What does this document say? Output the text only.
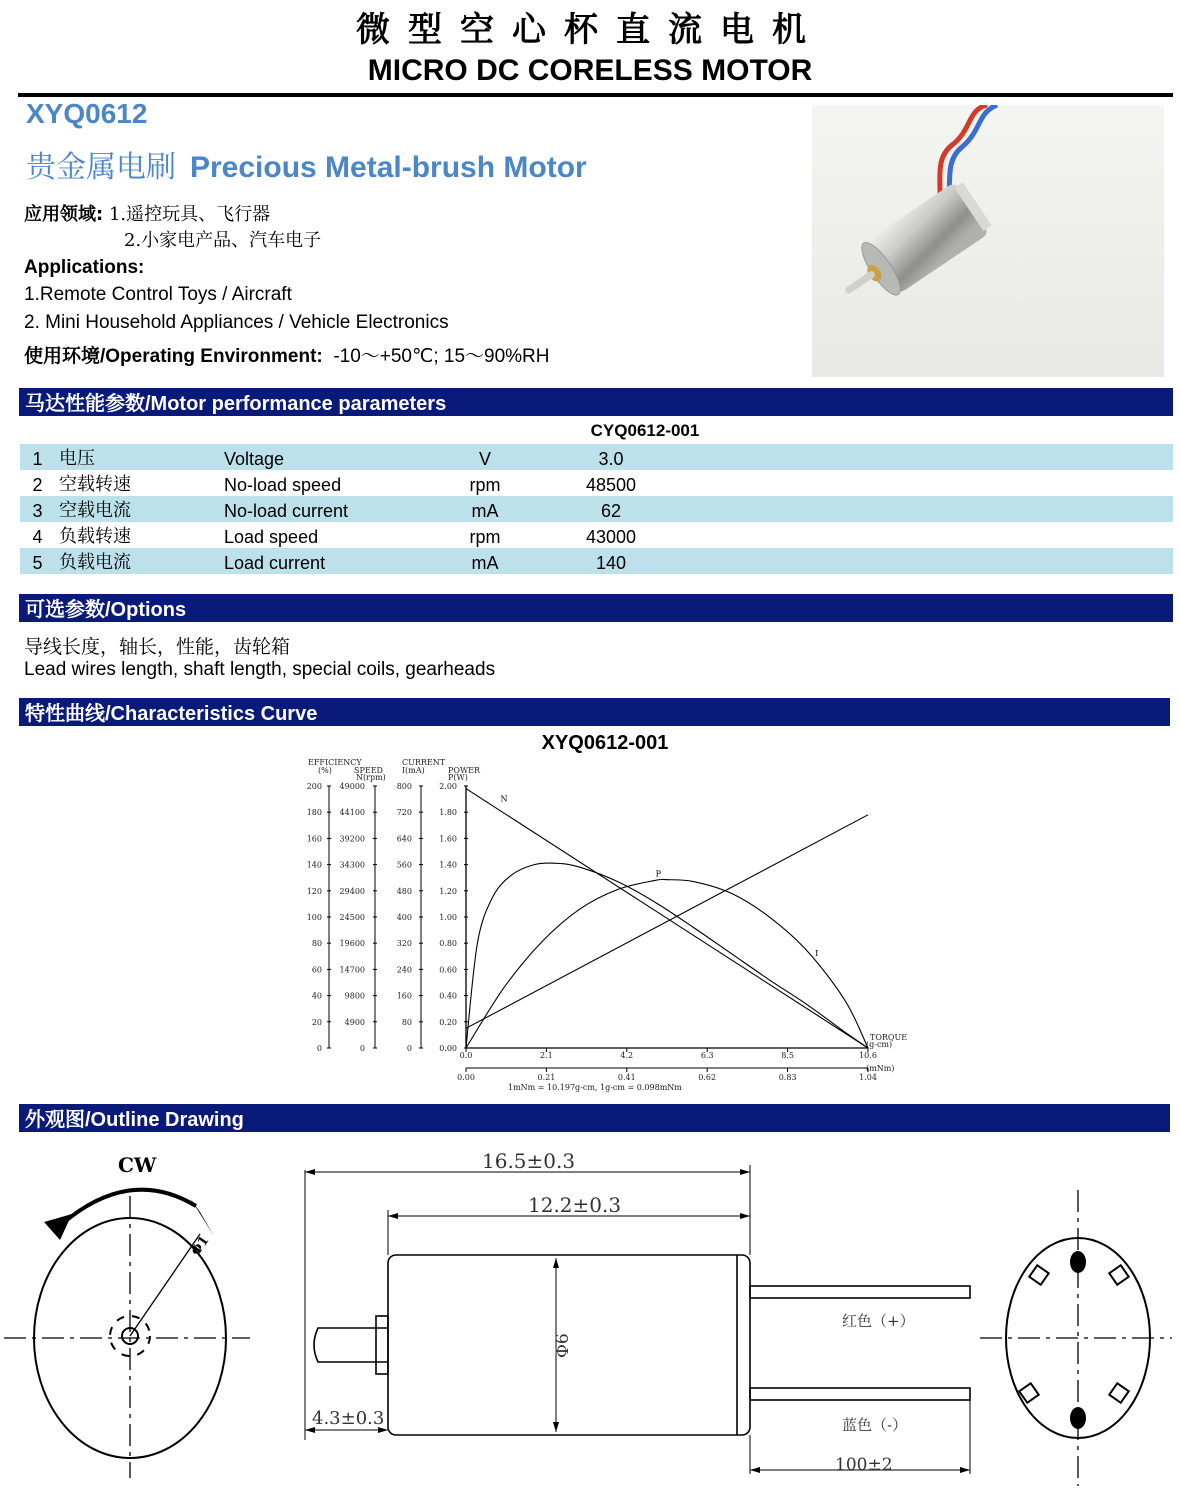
微型空心杯直流电机
MICRO DC CORELESS MOTOR
XYQ0612
贵金属电刷 Precious Metal-brush Motor
应用领域: 1.遥控玩具、飞行器
2.小家电产品、汽车电子
Applications:
1.Remote Control Toys / Aircraft
2. Mini Household Appliances / Vehicle Electronics
使用环境/Operating Environment: -10～+50℃; 15～90%RH
马达性能参数/Motor performance parameters
CYQ0612-001
1	电压	Voltage	V	3.0	
2	空载转速	No-load speed	rpm	48500	
3	空载电流	No-load current	mA	62	
4	负载转速	Load speed	rpm	43000	
5	负载电流	Load current	mA	140	
可选参数/Options
导线长度，轴长，性能，齿轮箱
Lead wires length, shaft length, special coils, gearheads
特性曲线/Characteristics Curve
XYQ0612-001
EFFICIENCY
(%)	SPEED
N(rpm)
CURRENT
I(mA)	POWER
P(W)
200
180
160
140
120
100
80
60
40
20
0
49000
44100
39200
34300
29400
24500
19600
14700
9800
4900
0
800
720
640
560
480
400
320
240
160
80
0
2.00
1.80
1.60
1.40
1.20
1.00
0.80
0.60
0.40
0.20
0.00
0.0	2.1	4.2	6.3	8.5	10.6
0.00	0.21	0.41	0.62	0.83	1.04
TORQUE
(g-cm)
(mNm)
1mNm = 10.197g-cm, 1g-cm = 0.098mNm
N
I
P
外观图/Outline Drawing
CW
Φ1
16.5±0.3
12.2±0.3
4.3±0.3
100±2
Φ6
红色（+）
蓝色（-）
